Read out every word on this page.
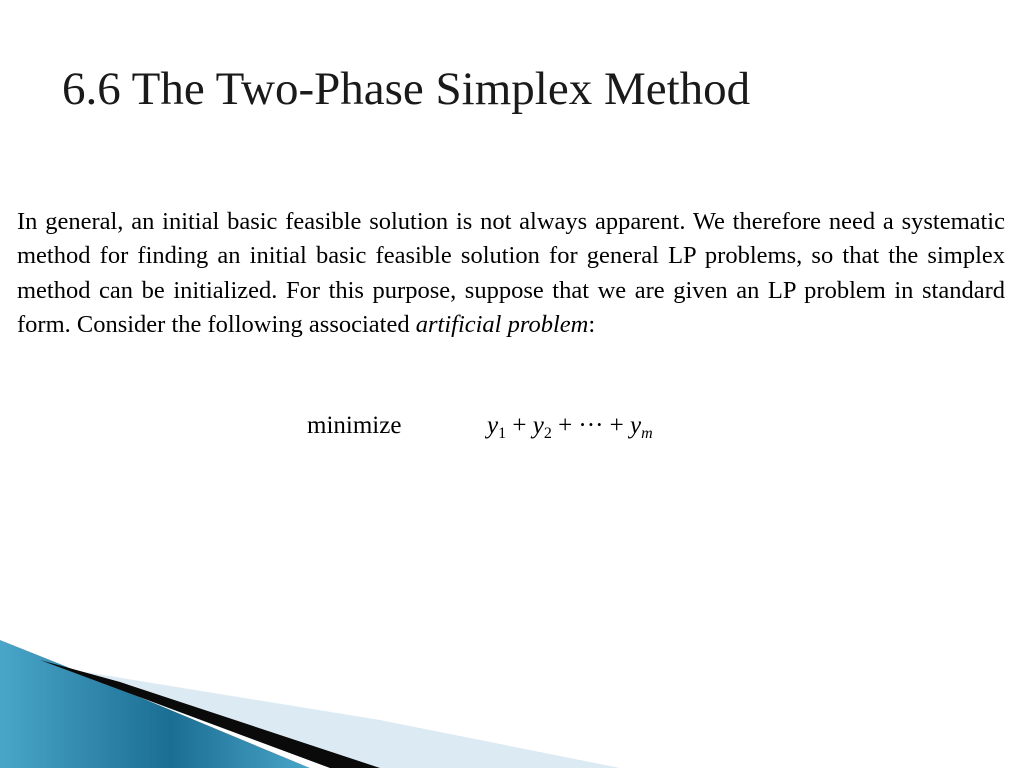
6.6 The Two-Phase Simplex Method

In general, an initial basic feasible solution is not always apparent. We therefore need a systematic method for finding an initial basic feasible solution for general LP problems, so that the simplex method can be initialized. For this purpose, suppose that we are given an LP problem in standard form. Consider the following associated artificial problem:

minimize	$y_1 + y_2$ + ··· + $y_m$
